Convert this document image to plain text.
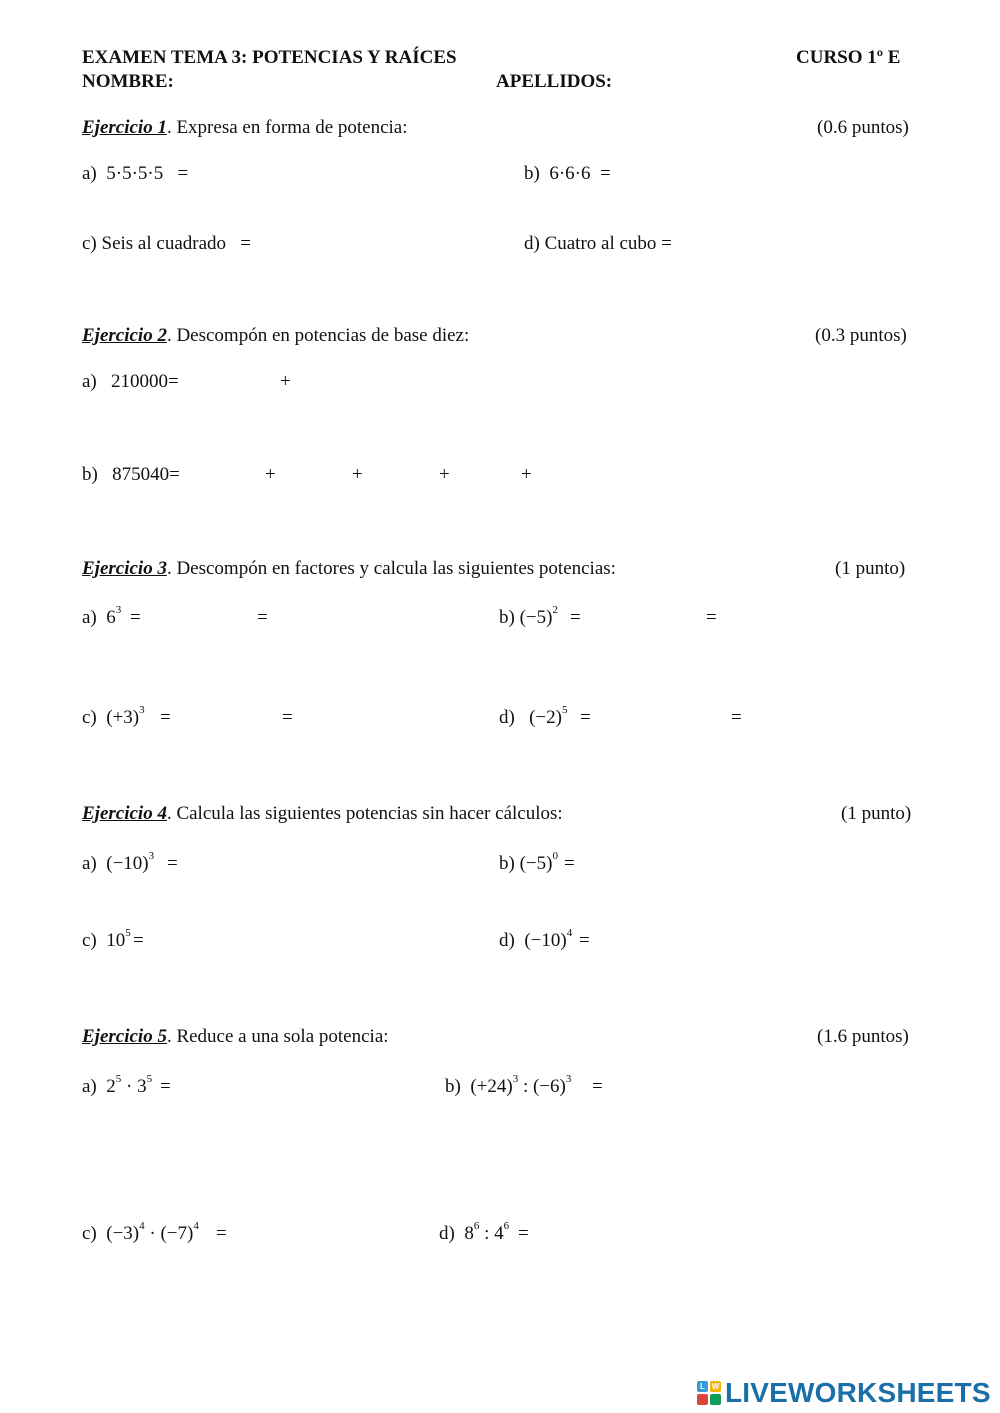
EXAMEN TEMA 3: POTENCIAS Y RAÍCES	CURSO 1º E
NOMBRE:	APELLIDOS:
Ejercicio 1. Expresa en forma de potencia:	(0.6 puntos)
a)  5·5·5·5   =	b)  6·6·6  =
c) Seis al cuadrado   =	d) Cuatro al cubo =
Ejercicio 2. Descompón en potencias de base diez:	(0.3 puntos)
a)   210000=	+
b)   875040=	+	+	+	+
Ejercicio 3. Descompón en factores y calcula las siguientes potencias:	(1 punto)
a)  $6^3$ =	=	b) $(-5)^2$ =	=
c)  $(+3)^3$ =	=	d)   $(-2)^5$ =	=
Ejercicio 4. Calcula las siguientes potencias sin hacer cálculos:	(1 punto)
a)  $(-10)^3$ =	b) $(-5)^0$ =
c)  $10^5$ =	d)  $(-10)^4$ =
Ejercicio 5. Reduce a una sola potencia:	(1.6 puntos)
a)  $2^5 \cdot 3^5$ =	b)  $(+24)^3$ : $(-6)^3$ =
c)  $(-3)^4 \cdot (-7)^4$ =	d)  $8^6$ : $4^6$ =
L W LIVEWORKSHEETS
